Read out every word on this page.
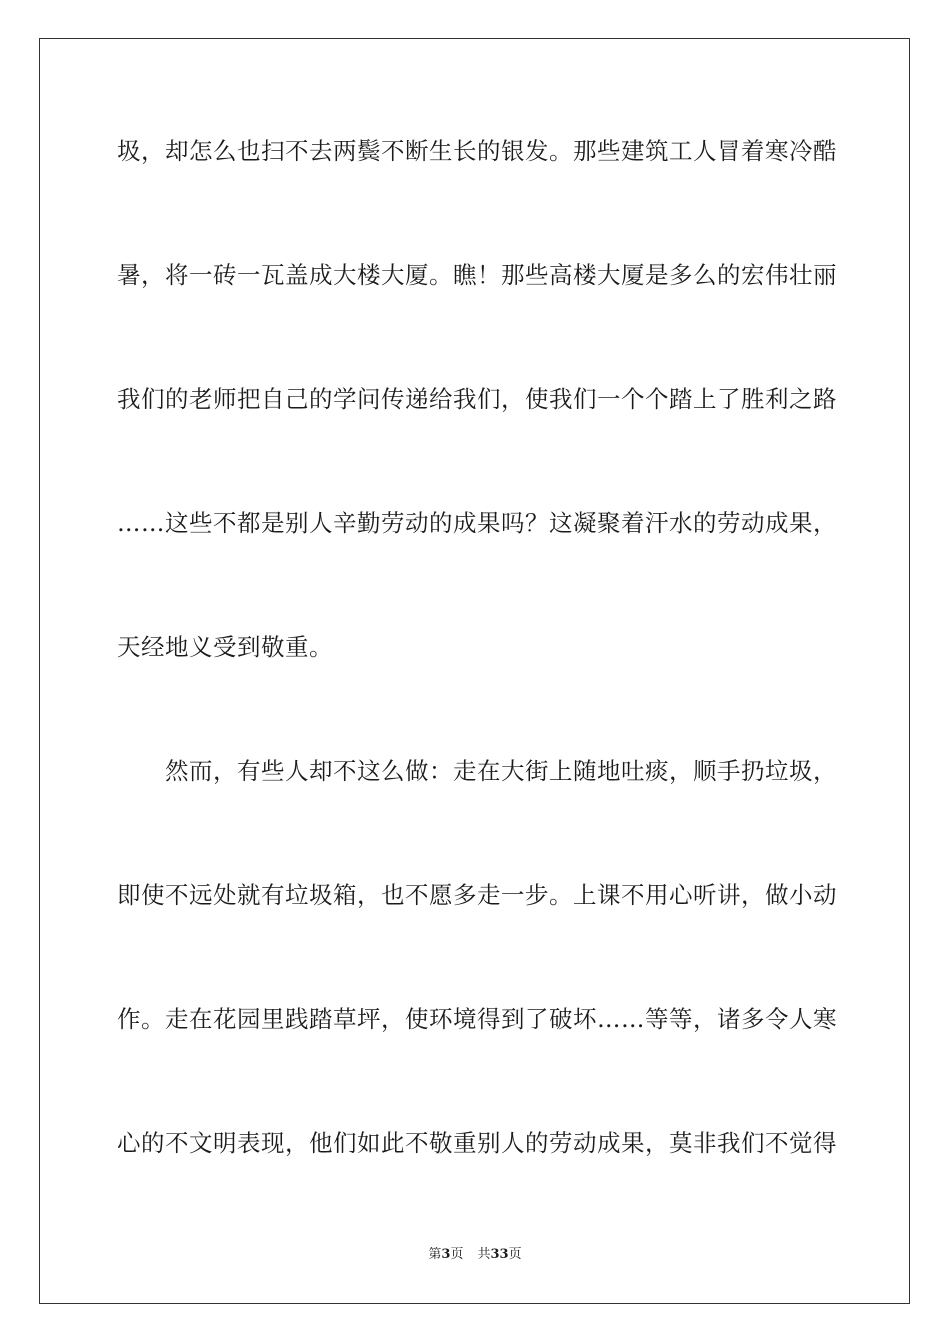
圾，却怎么也扫不去两鬓不断生长的银发。那些建筑工人冒着寒冷酷
暑，将一砖一瓦盖成大楼大厦。瞧！那些高楼大厦是多么的宏伟壮丽
我们的老师把自己的学问传递给我们，使我们一个个踏上了胜利之路
……这些不都是别人辛勤劳动的成果吗？这凝聚着汗水的劳动成果，
天经地义受到敬重。
然而，有些人却不这么做：走在大街上随地吐痰，顺手扔垃圾，
即使不远处就有垃圾箱，也不愿多走一步。上课不用心听讲，做小动
作。走在花园里践踏草坪，使环境得到了破坏……等等，诸多令人寒
心的不文明表现，他们如此不敬重别人的劳动成果，莫非我们不觉得
第3页 共33页
